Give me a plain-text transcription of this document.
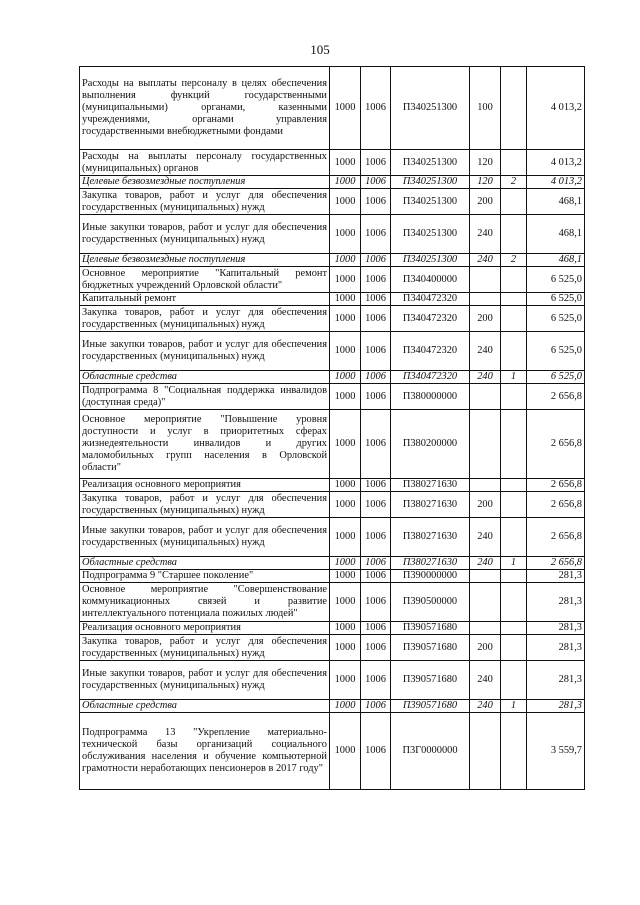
105
Расходы на выплаты персоналу в целях обеспечения выполнения функций государственными (муниципальными) органами, казенными учреждениями, органами управления государственными внебюджетными фондами	1000	1006	П340251300	100		4 013,2
Расходы на выплаты персоналу государственных (муниципальных) органов	1000	1006	П340251300	120		4 013,2
Целевые безвозмездные поступления	1000	1006	П340251300	120	2	4 013,2
Закупка товаров, работ и услуг для обеспечения государственных (муниципальных) нужд	1000	1006	П340251300	200		468,1
Иные закупки товаров, работ и услуг для обеспечения государственных (муниципальных) нужд	1000	1006	П340251300	240		468,1
Целевые безвозмездные поступления	1000	1006	П340251300	240	2	468,1
Основное мероприятие "Капитальный ремонт бюджетных учреждений Орловской области"	1000	1006	П340400000			6 525,0
Капитальный ремонт	1000	1006	П340472320			6 525,0
Закупка товаров, работ и услуг для обеспечения государственных (муниципальных) нужд	1000	1006	П340472320	200		6 525,0
Иные закупки товаров, работ и услуг для обеспечения государственных (муниципальных) нужд	1000	1006	П340472320	240		6 525,0
Областные средства	1000	1006	П340472320	240	1	6 525,0
Подпрограмма 8 "Социальная поддержка инвалидов (доступная среда)"	1000	1006	П380000000			2 656,8
Основное мероприятие "Повышение уровня доступности и услуг в приоритетных сферах жизнедеятельности инвалидов и других маломобильных групп населения в Орловской области"	1000	1006	П380200000			2 656,8
Реализация основного мероприятия	1000	1006	П380271630			2 656,8
Закупка товаров, работ и услуг для обеспечения государственных (муниципальных) нужд	1000	1006	П380271630	200		2 656,8
Иные закупки товаров, работ и услуг для обеспечения государственных (муниципальных) нужд	1000	1006	П380271630	240		2 656,8
Областные средства	1000	1006	П380271630	240	1	2 656,8
Подпрограмма 9 "Старшее поколение"	1000	1006	П390000000			281,3
Основное мероприятие "Совершенствование коммуникационных связей и развитие интеллектуального потенциала пожилых людей"	1000	1006	П390500000			281,3
Реализация основного мероприятия	1000	1006	П390571680			281,3
Закупка товаров, работ и услуг для обеспечения государственных (муниципальных) нужд	1000	1006	П390571680	200		281,3
Иные закупки товаров, работ и услуг для обеспечения государственных (муниципальных) нужд	1000	1006	П390571680	240		281,3
Областные средства	1000	1006	П390571680	240	1	281,3
Подпрограмма 13 "Укрепление материально-технической базы организаций социального обслуживания населения и обучение компьютерной грамотности неработающих пенсионеров в 2017 году"	1000	1006	П3Г0000000			3 559,7
